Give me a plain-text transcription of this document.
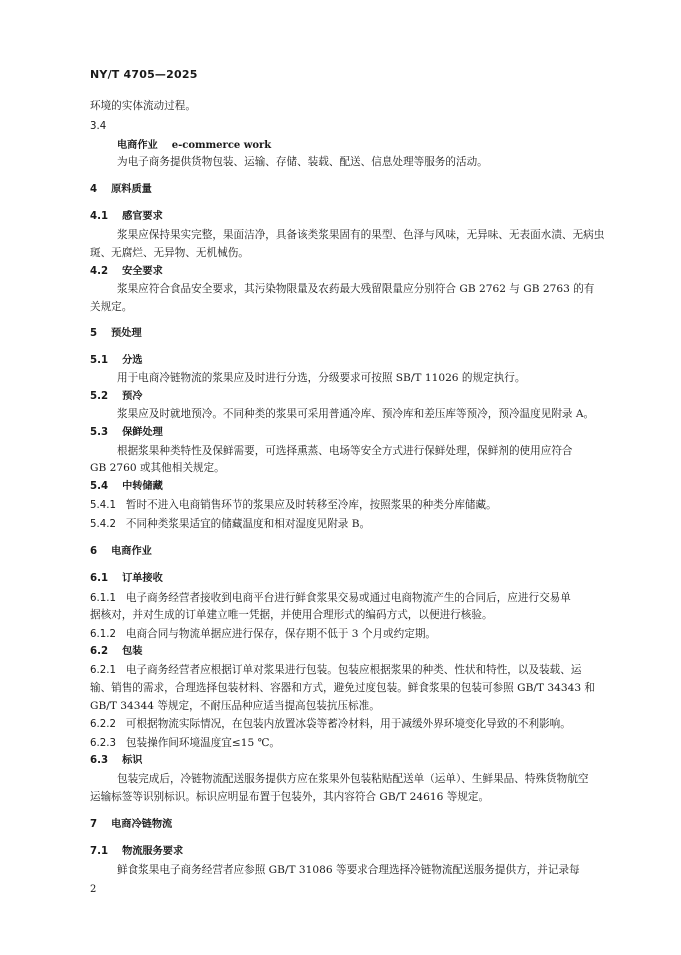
NY/T 4705—2025
环境的实体流动过程。
3.4
电商作业 e-commerce work
为电子商务提供货物包装、运输、存储、装载、配送、信息处理等服务的活动。
4 原料质量
4.1 感官要求
浆果应保持果实完整，果面洁净，具备该类浆果固有的果型、色泽与风味，无异味、无表面水渍、无病虫
斑、无腐烂、无异物、无机械伤。
4.2 安全要求
浆果应符合食品安全要求，其污染物限量及农药最大残留限量应分别符合 GB 2762 与 GB 2763 的有
关规定。
5 预处理
5.1 分选
用于电商冷链物流的浆果应及时进行分选，分级要求可按照 SB/T 11026 的规定执行。
5.2 预冷
浆果应及时就地预冷。不同种类的浆果可采用普通冷库、预冷库和差压库等预冷，预冷温度见附录 A。
5.3 保鲜处理
根据浆果种类特性及保鲜需要，可选择熏蒸、电场等安全方式进行保鲜处理，保鲜剂的使用应符合
GB 2760 或其他相关规定。
5.4 中转储藏
5.4.1 暂时不进入电商销售环节的浆果应及时转移至冷库，按照浆果的种类分库储藏。
5.4.2 不同种类浆果适宜的储藏温度和相对湿度见附录 B。
6 电商作业
6.1 订单接收
6.1.1 电子商务经营者接收到电商平台进行鲜食浆果交易或通过电商物流产生的合同后，应进行交易单
据核对，并对生成的订单建立唯一凭据，并使用合理形式的编码方式，以便进行核验。
6.1.2 电商合同与物流单据应进行保存，保存期不低于 3 个月或约定期。
6.2 包装
6.2.1 电子商务经营者应根据订单对浆果进行包装。包装应根据浆果的种类、性状和特性，以及装载、运
输、销售的需求，合理选择包装材料、容器和方式，避免过度包装。鲜食浆果的包装可参照 GB/T 34343 和
GB/T 34344 等规定，不耐压品种应适当提高包装抗压标准。
6.2.2 可根据物流实际情况，在包装内放置冰袋等蓄冷材料，用于减缓外界环境变化导致的不利影响。
6.2.3 包装操作间环境温度宜≤15 ℃。
6.3 标识
包装完成后，冷链物流配送服务提供方应在浆果外包装粘贴配送单（运单）、生鲜果品、特殊货物航空
运输标签等识别标识。标识应明显布置于包装外，其内容符合 GB/T 24616 等规定。
7 电商冷链物流
7.1 物流服务要求
鲜食浆果电子商务经营者应参照 GB/T 31086 等要求合理选择冷链物流配送服务提供方，并记录每
2
